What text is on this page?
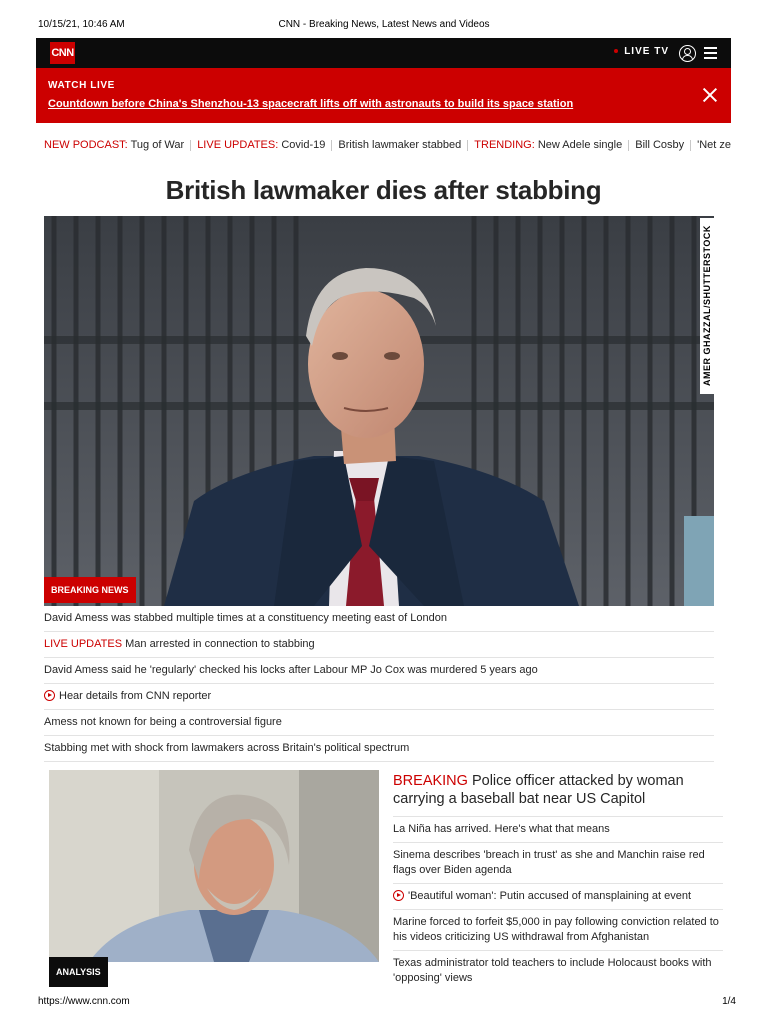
10/15/21, 10:46 AM	CNN - Breaking News, Latest News and Videos
CNN	LIVE TV
WATCH LIVE
Countdown before China's Shenzhou-13 spacecraft lifts off with astronauts to build its space station
NEW PODCAST: Tug of War LIVE UPDATES: Covid-19 British lawmaker stabbed TRENDING: New Adele single Bill Cosby 'Net ze
British lawmaker dies after stabbing
AMER GHAZZAL/SHUTTERSTOCK
BREAKING NEWS
David Amess was stabbed multiple times at a constituency meeting east of London
LIVE UPDATES Man arrested in connection to stabbing
David Amess said he 'regularly' checked his locks after Labour MP Jo Cox was murdered 5 years ago
Hear details from CNN reporter
Amess not known for being a controversial figure
Stabbing met with shock from lawmakers across Britain's political spectrum
ANALYSIS
BREAKING Police officer attacked by woman carrying a baseball bat near US Capitol
La Niña has arrived. Here's what that means
Sinema describes 'breach in trust' as she and Manchin raise red flags over Biden agenda
'Beautiful woman': Putin accused of mansplaining at event
Marine forced to forfeit $5,000 in pay following conviction related to his videos criticizing US withdrawal from Afghanistan
Texas administrator told teachers to include Holocaust books with 'opposing' views
https://www.cnn.com	1/4
